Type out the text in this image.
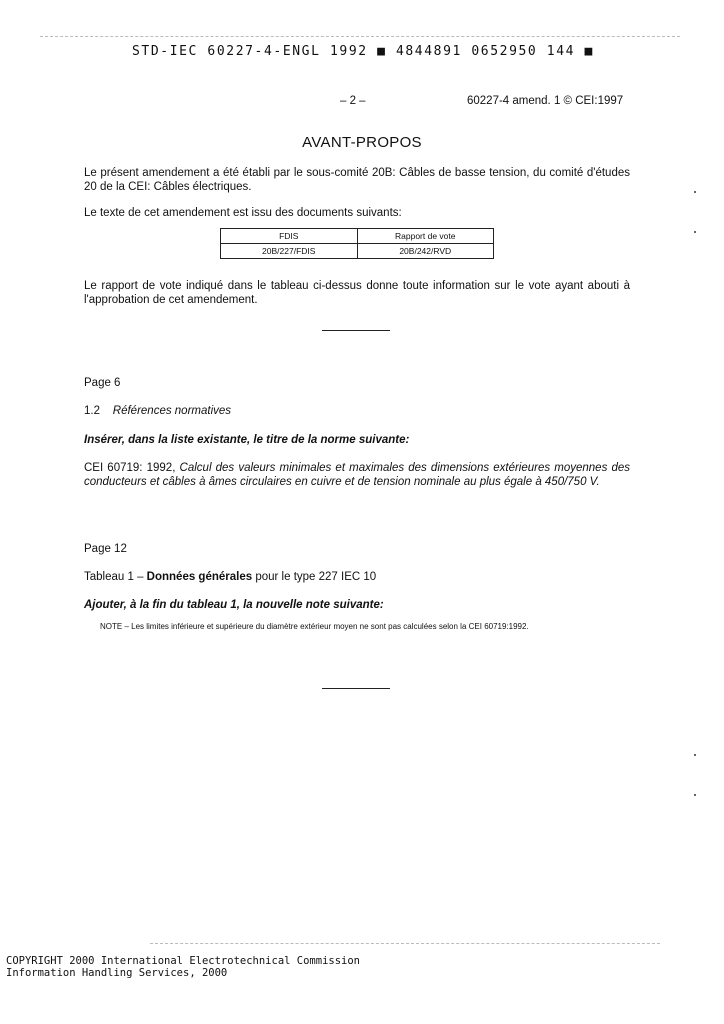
STD-IEC 60227-4-ENGL 1992 ■ 4844891 0652950 144 ■
– 2 –	60227-4 amend. 1 © CEI:1997
AVANT-PROPOS
Le présent amendement a été établi par le sous-comité 20B: Câbles de basse tension, du comité d'études 20 de la CEI: Câbles électriques.
Le texte de cet amendement est issu des documents suivants:
FDIS	Rapport de vote
20B/227/FDIS	20B/242/RVD
Le rapport de vote indiqué dans le tableau ci-dessus donne toute information sur le vote ayant abouti à l'approbation de cet amendement.
Page 6
1.2 Références normatives
Insérer, dans la liste existante, le titre de la norme suivante:
CEI 60719: 1992, Calcul des valeurs minimales et maximales des dimensions extérieures moyennes des conducteurs et câbles à âmes circulaires en cuivre et de tension nominale au plus égale à 450/750 V.
Page 12
Tableau 1 – Données générales pour le type 227 IEC 10
Ajouter, à la fin du tableau 1, la nouvelle note suivante:
NOTE – Les limites inférieure et supérieure du diamètre extérieur moyen ne sont pas calculées selon la CEI 60719:1992.
COPYRIGHT 2000 International Electrotechnical Commission
Information Handling Services, 2000
